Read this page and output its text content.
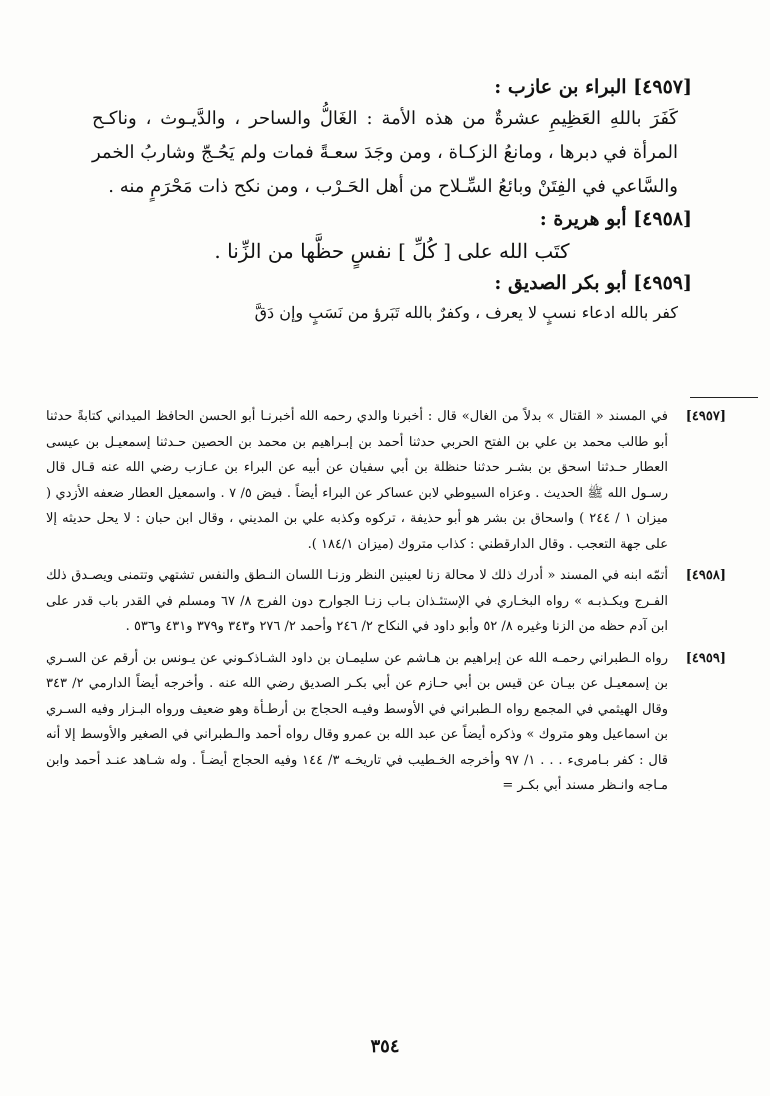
[٤٩٥٧] البراء بن عازب :
كَفَرَ باللهِ العَظِيمِ عشرةٌ من هذه الأمة : الغَالُّ والساحر ، والدَّيـوث ، وناكـح المرأة في دبرها ، ومانعُ الزكـاة ، ومن وجَدَ سعـةً فمات ولم يَحُـجّ وشاربُ الخمر والسَّاعي في الفِتَنْ وبائعُ السِّـلاح من أهل الحَـرْب ، ومن نكح ذات مَحْرَمٍ منه .
[٤٩٥٨] أبو هريرة :
كتَب الله على [ كُلِّ ] نفسٍ حظَّها من الزِّنا .
[٤٩٥٩] أبو بكر الصديق :
كفر بالله ادعاء نسبٍ لا يعرف ، وكفرٌ بالله تَبَرؤ من نَسَبٍ وإن دَقَّ
[٤٩٥٧]
في المسند « القتال » بدلاً من الغال» قال : أخبرنا والدي رحمه الله أخبرنـا أبو الحسن الحافظ الميداني كتابةً حدثنا أبو طالب محمد بن علي بن الفتح الحربي حدثنا أحمد بن إبـراهيم بن محمد بن الحصين حـدثنا إسمعيـل بن عيسى العطار حـدثنا اسحق بن بشـر حدثنا حنظلة بن أبي سفيان عن أبيه عن البراء بن عـازب رضي الله عنه قـال قال رسـول الله ﷺ الحديث . وعزاه السيوطي لابن عساكر عن البراء أيضاً . فيض ٥/ ٧ . واسمعيل العطار ضعفه الأزدي ( ميزان ١ / ٢٤٤ ) واسحاق بن بشر هو أبو حذيفة ، تركوه وكذبه علي بن المديني ، وقال ابن حبان : لا يحل حديثه إلا على جهة التعجب . وقال الدارقطني : كذاب متروك (ميزان ١٨٤/١ ).
[٤٩٥٨]
أتمّه ابنه في المسند « أدرك ذلك لا محالة زنا لعينين النظر وزنـا اللسان النـطق والنفس تشتهي وتتمنى ويصـدق ذلك الفـرج ويكـذبـه » رواه البخـاري في الإستئـذان بـاب زنـا الجوارح دون الفرج ٨/ ٦٧ ومسلم في القدر باب قدر على ابن آدم حظه من الزنا وغيره ٨/ ٥٢ وأبو داود في النكاح ٢/ ٢٤٦ وأحمد ٢/ ٢٧٦ و٣٤٣ و٣٧٩ و٤٣١ و٥٣٦ .
[٤٩٥٩]
رواه الـطبراني رحمـه الله عن إبراهيم بن هـاشم عن سليمـان بن داود الشـاذكـوني عن يـونس بن أرقم عن السـري بن إسمعيـل عن بيـان عن قيس بن أبي حـازم عن أبي بكـر الصديق رضي الله عنه . وأخرجه أيضاً الدارمي ٢/ ٣٤٣ وقال الهيثمي في المجمع رواه الـطبراني في الأوسط وفيـه الحجاج بن أرطـأة وهو ضعيف ورواه البـزار وفيه السـري بن اسماعيل وهو متروك » وذكره أيضاً عن عبد الله بن عمرو وقال رواه أحمد والـطبراني في الصغير والأوسط إلا أنه قال : كفر بـامرىء . . . ١/ ٩٧ وأخرجه الخـطيب في تاريخـه ٣/ ١٤٤ وفيه الحجاج أيضـاً . وله شـاهد عنـد أحمد وابن مـاجه وانـظر مسند أبي بكـر =
٣٥٤
